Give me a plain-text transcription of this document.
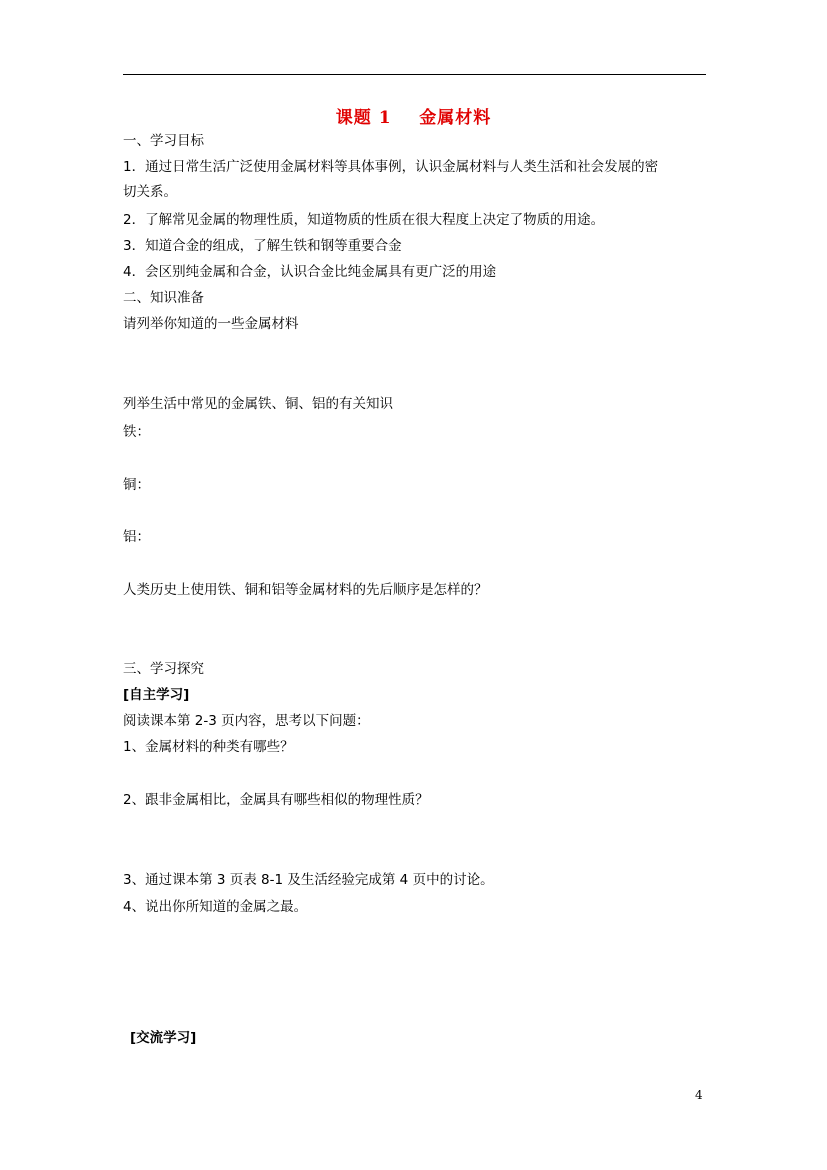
课题 1    金属材料
一、学习目标
1．通过日常生活广泛使用金属材料等具体事例，认识金属材料与人类生活和社会发展的密
切关系。
2．了解常见金属的物理性质，知道物质的性质在很大程度上决定了物质的用途。
3．知道合金的组成，了解生铁和钢等重要合金
4．会区别纯金属和合金，认识合金比纯金属具有更广泛的用途
二、知识准备
请列举你知道的一些金属材料
列举生活中常见的金属铁、铜、铝的有关知识
铁：
铜：
铝：
人类历史上使用铁、铜和铝等金属材料的先后顺序是怎样的？
三、学习探究
[自主学习]
阅读课本第 2-3 页内容，思考以下问题：
1、金属材料的种类有哪些？
2、跟非金属相比，金属具有哪些相似的物理性质？
3、通过课本第 3 页表 8-1 及生活经验完成第 4 页中的讨论。
4、说出你所知道的金属之最。
[交流学习]
4
